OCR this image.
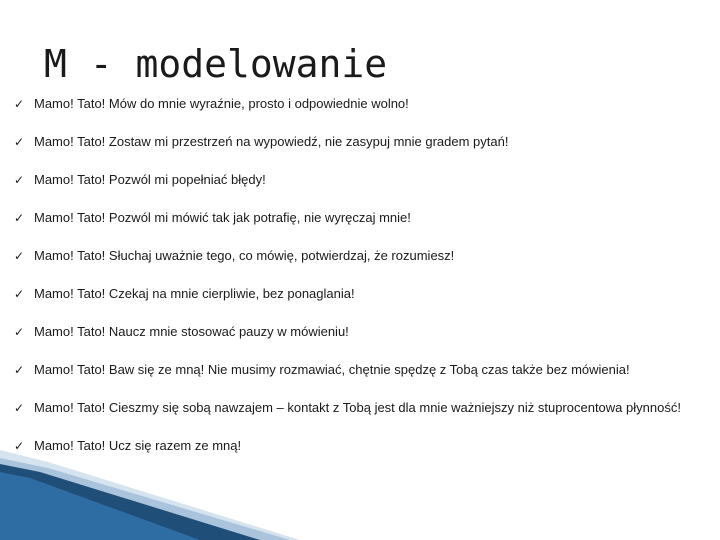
M - modelowanie
✓ Mamo! Tato! Mów do mnie wyraźnie, prosto i odpowiednie wolno!
✓ Mamo! Tato! Zostaw mi przestrzeń na wypowiedź, nie zasypuj mnie gradem pytań!
✓ Mamo! Tato! Pozwól mi popełniać błędy!
✓ Mamo! Tato! Pozwól mi mówić tak jak potrafię, nie wyręczaj mnie!
✓ Mamo! Tato! Słuchaj uważnie tego, co mówię, potwierdzaj, że rozumiesz!
✓ Mamo! Tato! Czekaj na mnie cierpliwie, bez ponaglania!
✓ Mamo! Tato! Naucz mnie stosować pauzy w mówieniu!
✓ Mamo! Tato! Baw się ze mną! Nie musimy rozmawiać, chętnie spędzę z Tobą czas także bez mówienia!
✓ Mamo! Tato! Cieszmy się sobą nawzajem – kontakt z Tobą jest dla mnie ważniejszy niż stuprocentowa płynność!
✓ Mamo! Tato! Ucz się razem ze mną!
